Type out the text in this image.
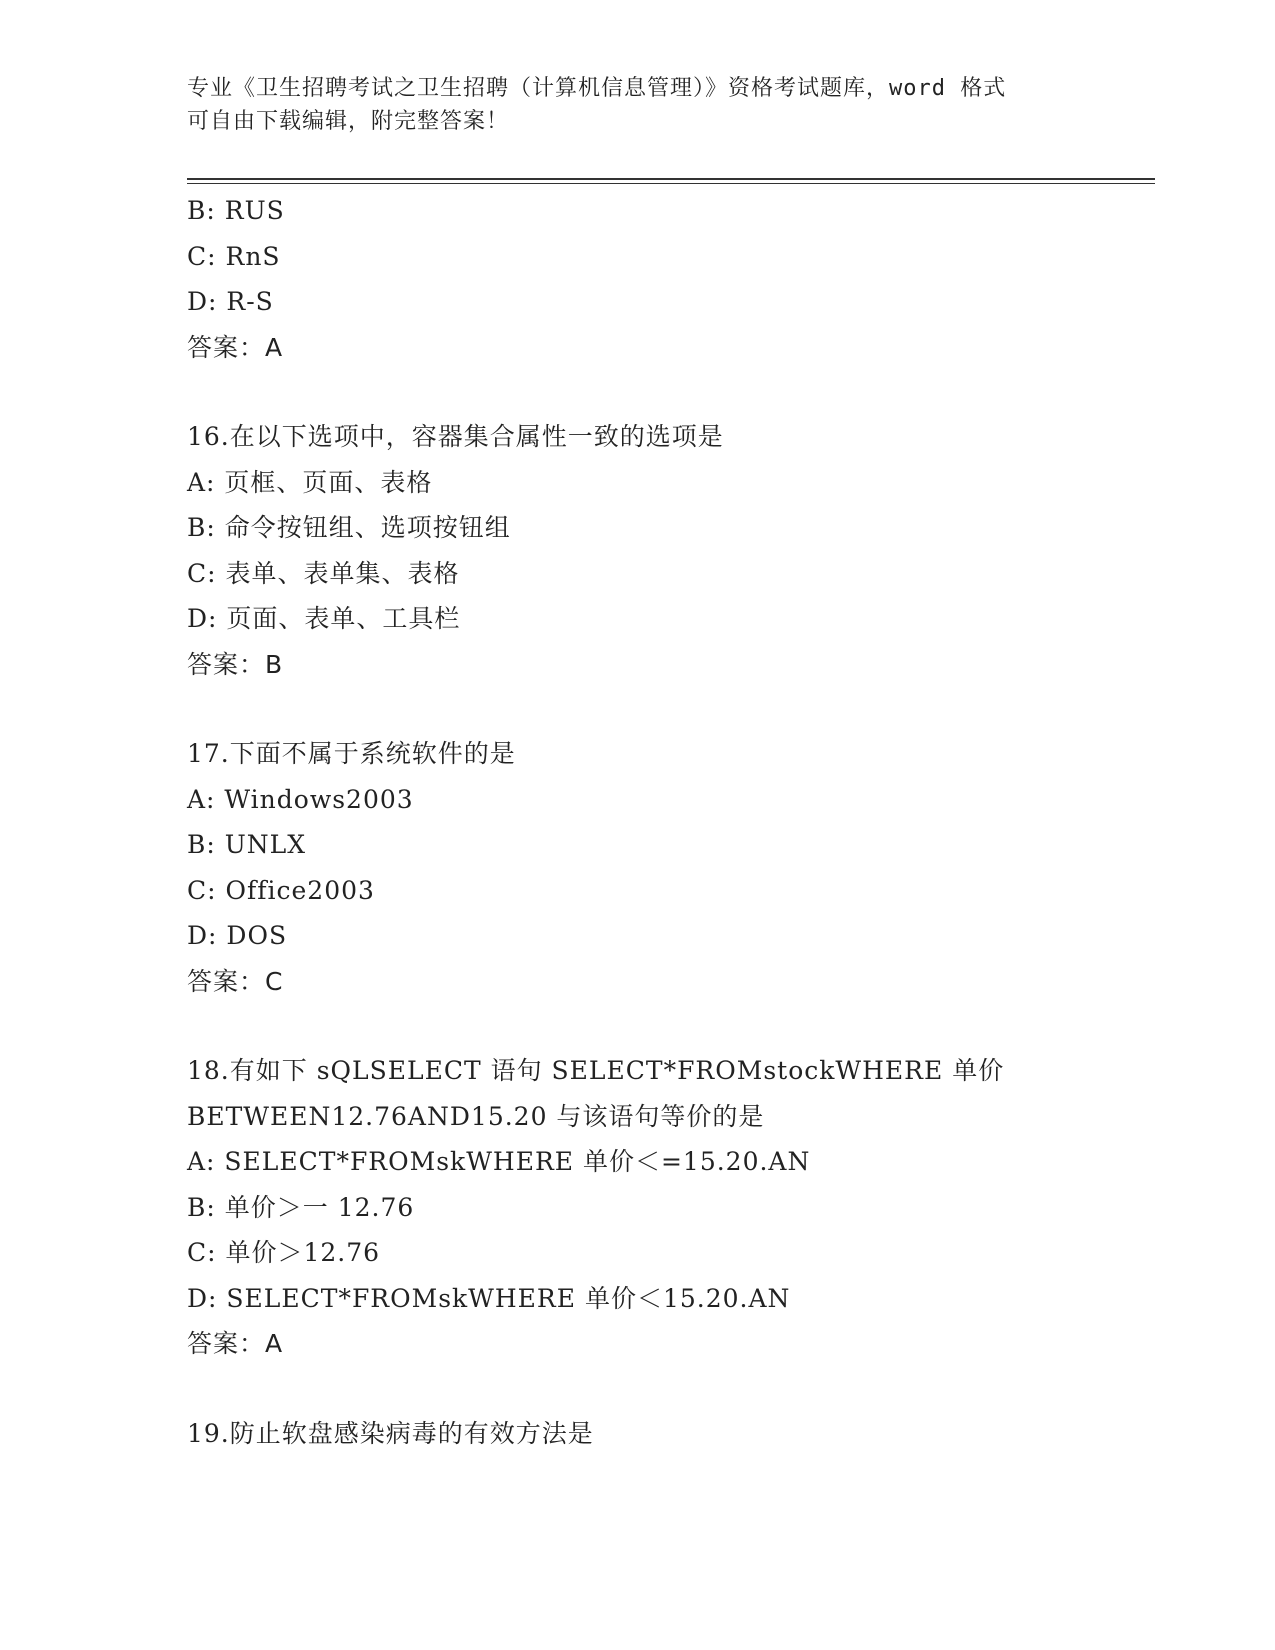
专业《卫生招聘考试之卫生招聘（计算机信息管理）》资格考试题库，word 格式
可自由下载编辑，附完整答案！
B: RUS
C: RnS
D: R-S
答案：A
16.在以下选项中，容器集合属性一致的选项是
A: 页框、页面、表格
B: 命令按钮组、选项按钮组
C: 表单、表单集、表格
D: 页面、表单、工具栏
答案：B
17.下面不属于系统软件的是
A: Windows2003
B: UNLX
C: Office2003
D: DOS
答案：C
18.有如下 sQLSELECT 语句 SELECT*FROMstockWHERE 单价
BETWEEN12.76AND15.20 与该语句等价的是
A: SELECT*FROMskWHERE 单价＜=15.20.AN
B: 单价＞一 12.76
C: 单价＞12.76
D: SELECT*FROMskWHERE 单价＜15.20.AN
答案：A
19.防止软盘感染病毒的有效方法是
